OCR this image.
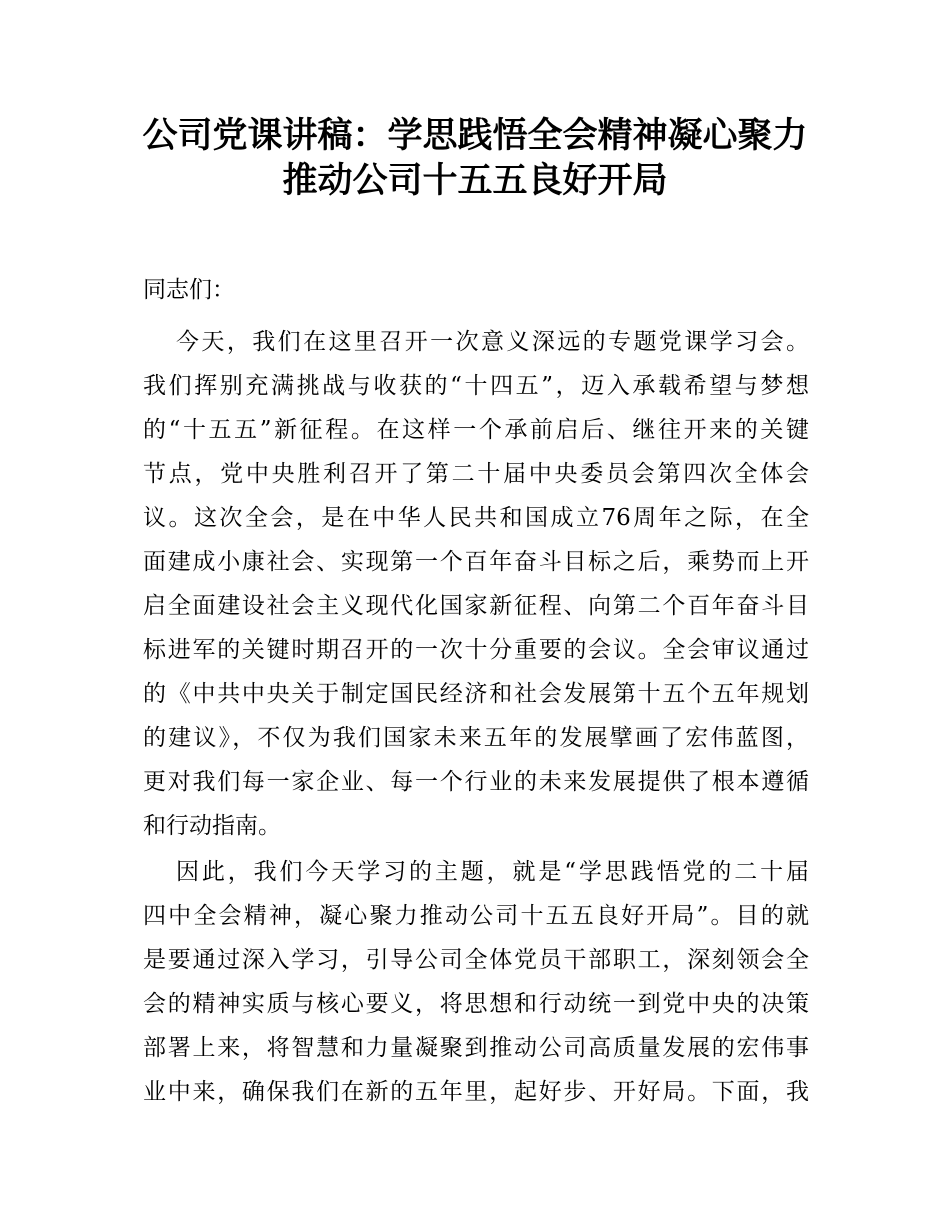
公司党课讲稿：学思践悟全会精神凝心聚力
推动公司十五五良好开局
同志们：
今天，我们在这里召开一次意义深远的专题党课学习会。
我们挥别充满挑战与收获的“十四五”，迈入承载希望与梦想
的“十五五”新征程。在这样一个承前启后、继往开来的关键
节点，党中央胜利召开了第二十届中央委员会第四次全体会
议。这次全会，是在中华人民共和国成立76周年之际，在全
面建成小康社会、实现第一个百年奋斗目标之后，乘势而上开
启全面建设社会主义现代化国家新征程、向第二个百年奋斗目
标进军的关键时期召开的一次十分重要的会议。全会审议通过
的《中共中央关于制定国民经济和社会发展第十五个五年规划
的建议》，不仅为我们国家未来五年的发展擘画了宏伟蓝图，
更对我们每一家企业、每一个行业的未来发展提供了根本遵循
和行动指南。
因此，我们今天学习的主题，就是“学思践悟党的二十届
四中全会精神，凝心聚力推动公司十五五良好开局”。目的就
是要通过深入学习，引导公司全体党员干部职工，深刻领会全
会的精神实质与核心要义，将思想和行动统一到党中央的决策
部署上来，将智慧和力量凝聚到推动公司高质量发展的宏伟事
业中来，确保我们在新的五年里，起好步、开好局。下面，我
